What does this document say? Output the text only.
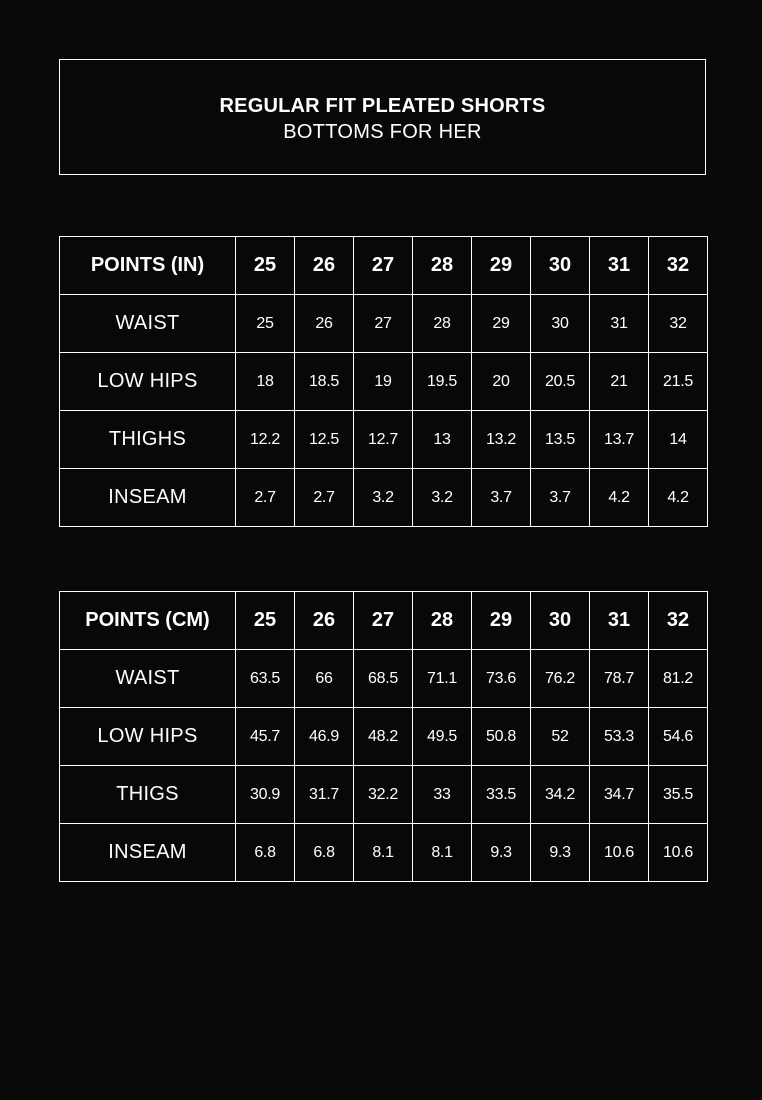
REGULAR FIT PLEATED SHORTS
BOTTOMS FOR HER
POINTS (IN)	25	26	27	28	29	30	31	32
WAIST	25	26	27	28	29	30	31	32
LOW HIPS	18	18.5	19	19.5	20	20.5	21	21.5
THIGHS	12.2	12.5	12.7	13	13.2	13.5	13.7	14
INSEAM	2.7	2.7	3.2	3.2	3.7	3.7	4.2	4.2
POINTS (CM)	25	26	27	28	29	30	31	32
WAIST	63.5	66	68.5	71.1	73.6	76.2	78.7	81.2
LOW HIPS	45.7	46.9	48.2	49.5	50.8	52	53.3	54.6
THIGS	30.9	31.7	32.2	33	33.5	34.2	34.7	35.5
INSEAM	6.8	6.8	8.1	8.1	9.3	9.3	10.6	10.6
